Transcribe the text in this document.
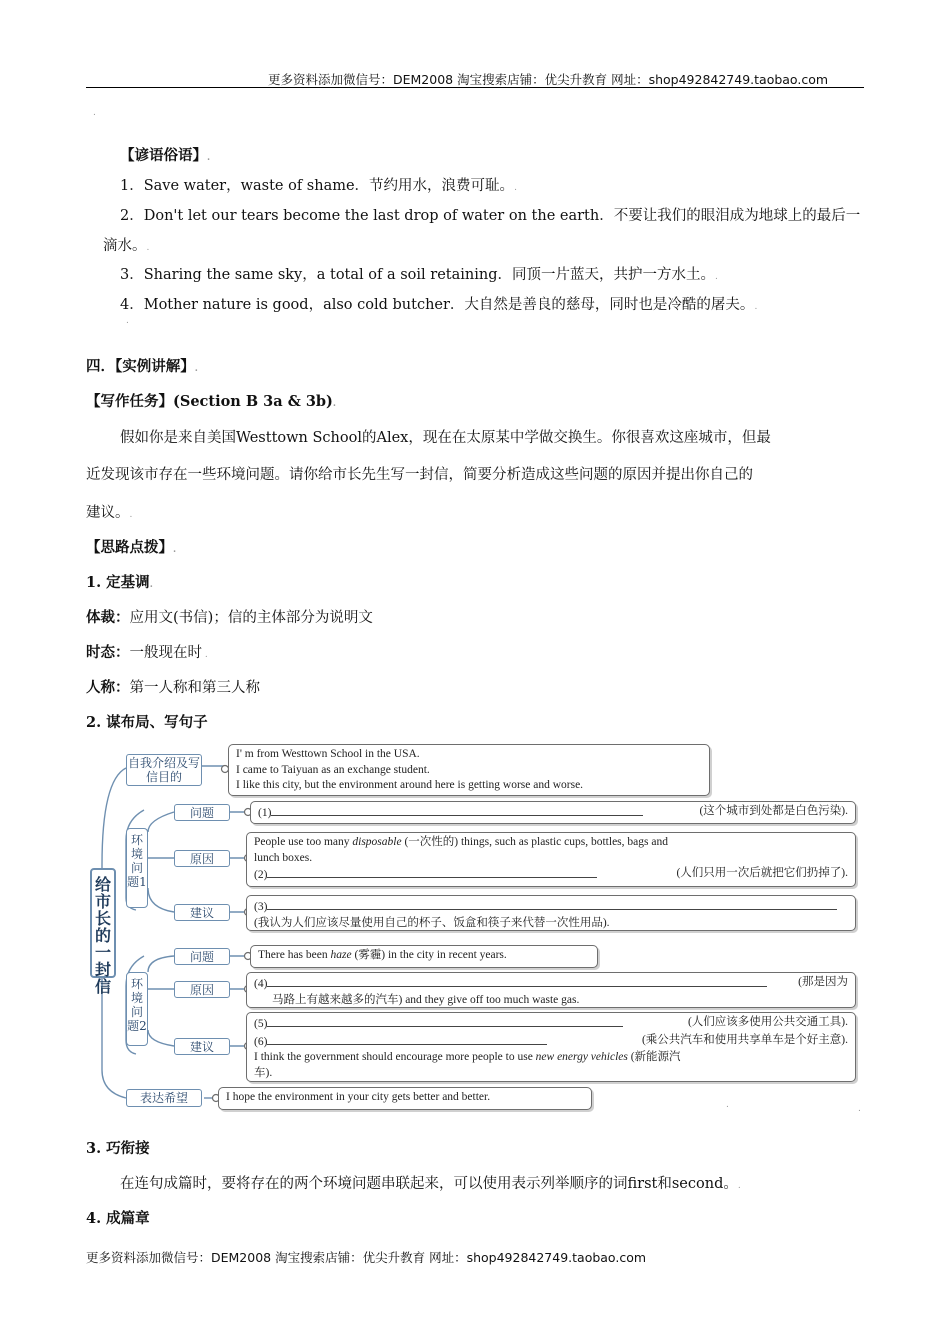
更多资料添加微信号：DEM2008 淘宝搜索店铺：优尖升教育 网址：shop492842749.taobao.com
.
【谚语俗语】.
1．Save water，waste of shame．节约用水，浪费可耻。.
2．Don't let our tears become the last drop of water on the earth．不要让我们的眼泪成为地球上的最后一
滴水。.
3．Sharing the same sky，a total of a soil retaining．同顶一片蓝天，共护一方水土。.
4．Mother nature is good，also cold butcher．大自然是善良的慈母，同时也是冷酷的屠夫。.
.
四．【实例讲解】.
【写作任务】(Section B 3a & 3b).
假如你是来自美国Westtown School的Alex，现在在太原某中学做交换生。你很喜欢这座城市，但最
近发现该市存在一些环境问题。请你给市长先生写一封信，简要分析造成这些问题的原因并提出你自己的
建议。.
【思路点拨】.
1. 定基调.
体裁：应用文(书信)；信的主体部分为说明文
时态：一般现在时 .
人称：第一人称和第三人称
2. 谋布局、写句子
给市长的一封信
自我介绍及写信目的
I' m from Westtown School in the USA.
I came to Taiyuan as an exchange student.
I like this city, but the environment around here is getting worse and worse.
环境问题1
问题
原因
建议
(1)	(这个城市到处都是白色污染).
People use too many disposable (一次性的) things, such as plastic cups, bottles, bags and
lunch boxes.
(2)	(人们只用一次后就把它们扔掉了).
(3)
(我认为人们应该尽量使用自己的杯子、饭盒和筷子来代替一次性用品).
环境问题2
问题
原因
建议
There has been haze (雾霾) in the city in recent years.
(4)	(那是因为
马路上有越来越多的汽车) and they give off too much waste gas.
(5)	(人们应该多使用公共交通工具).
(6)	(乘公共汽车和使用共享单车是个好主意).
I think the government should encourage more people to use new energy vehicles (新能源汽
车).
表达希望	I hope the environment in your city gets better and better.
.	.
3. 巧衔接
在连句成篇时，要将存在的两个环境问题串联起来，可以使用表示列举顺序的词first和second。.
4. 成篇章
更多资料添加微信号：DEM2008 淘宝搜索店铺：优尖升教育 网址：shop492842749.taobao.com
